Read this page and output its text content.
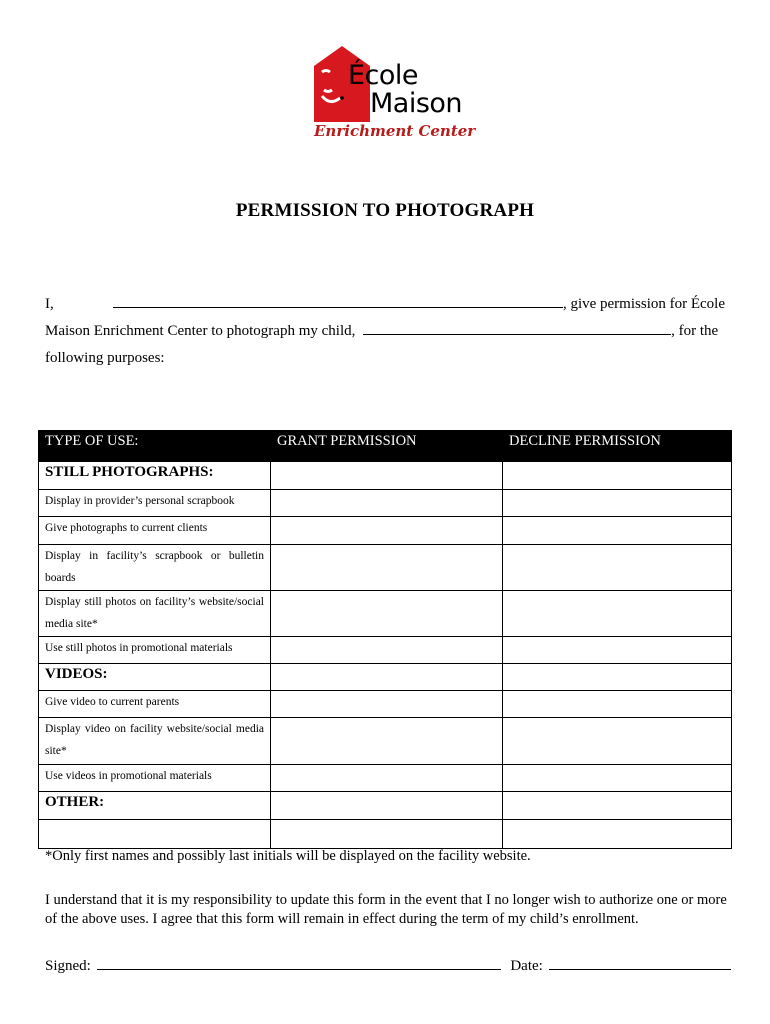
École
Maison
Enrichment Center
PERMISSION TO PHOTOGRAPH
I,	, give permission for École
Maison Enrichment Center to photograph my child,	, for the
following purposes:
TYPE OF USE:	GRANT PERMISSION	DECLINE PERMISSION
STILL PHOTOGRAPHS:		
Display in provider’s personal scrapbook		
Give photographs to current clients		
Display in facility’s scrapbook or bulletin boards		
Display still photos on facility’s website/social media site*		
Use still photos in promotional materials		
VIDEOS:		
Give video to current parents		
Display video on facility website/social media site*		
Use videos in promotional materials		
OTHER:		

*Only first names and possibly last initials will be displayed on the facility website.
I understand that it is my responsibility to update this form in the event that I no longer wish to authorize one or more of the above uses. I agree that this form will remain in effect during the term of my child’s enrollment.
Signed:	Date:
